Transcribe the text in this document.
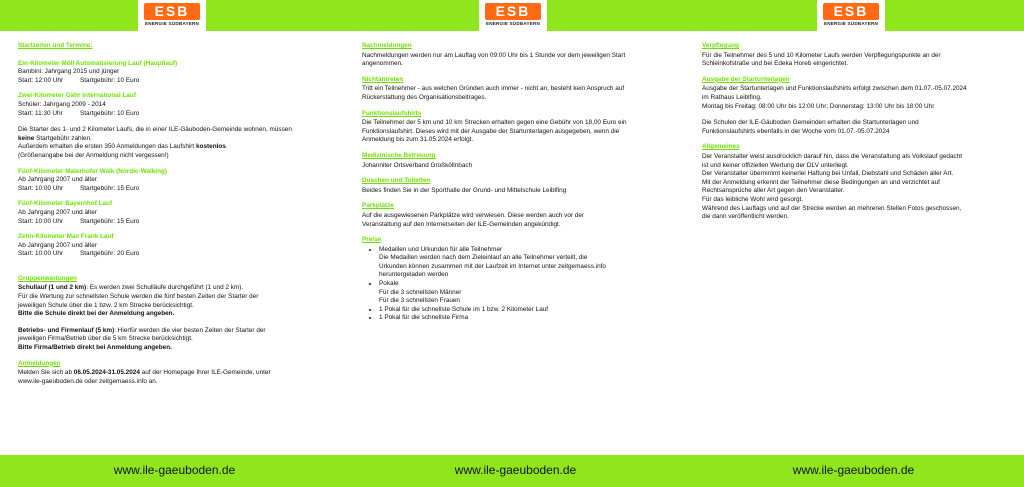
ESB
ENERGIE SÜDBAYERN
ESB
ENERGIE SÜDBAYERN
ESB
ENERGIE SÜDBAYERN
Startzeiten und Termine:
Ein-Kilometer Möll Automatisierung Lauf (Hauptlauf)
Bambini: Jahrgang 2015 und jünger
Start: 12:00 Uhr	Startgebühr: 10 Euro
Zwei-Kilometer Gähr International Lauf
Schüler: Jahrgang 2009 - 2014
Start: 11:30 Uhr	Startgebühr: 10 Euro
Die Starter des 1- und 2 Kilometer Laufs, die in einer ILE-Gäuboden-Gemeinde wohnen, müssen
keine Startgebühr zahlen.
Außerdem erhalten die ersten 350 Anmeldungen das Laufshirt kostenlos.
(Größenangabe bei der Anmeldung nicht vergessen!)
Fünf-Kilometer Malerhofer Walk (Nordic-Walking)
Ab Jahrgang 2007 und älter
Start: 10:00 Uhr	Startgebühr: 15 Euro
Fünf-Kilometer Bayernhof Lauf
Ab Jahrgang 2007 und älter
Start: 10:00 Uhr	Startgebühr: 15 Euro
Zehn-Kilometer Max Frank Lauf
Ab Jahrgang 2007 und älter
Start: 10:00 Uhr	Startgebühr: 20 Euro
Gruppenwertungen
Schullauf (1 und 2 km): Es werden zwei Schulläufe durchgeführt (1 und 2 km).
Für die Wertung zur schnellsten Schule werden die fünf besten Zeiten der Starter der
jeweiligen Schule über die 1 bzw. 2 km Strecke berücksichtigt.
Bitte die Schule direkt bei der Anmeldung angeben.
Betriebs- und Firmenlauf (5 km): Hierfür werden die vier besten Zeiten der Starter der
jeweiligen Firma/Betrieb über die 5 km Strecke berücksichtigt.
Bitte Firma/Betrieb direkt bei Anmeldung angeben.
Anmeldungen
Melden Sie sich ab 06.05.2024-31.05.2024 auf der Homepage Ihrer ILE-Gemeinde, unter
www.ile-gaeuboden.de oder zeitgemaess.info an.
Nachmeldungen
Nachmeldungen werden nur am Lauftag von 09:00 Uhr bis 1 Stunde vor dem jeweiligen Start
angenommen.
Nichtantreten
Tritt ein Teilnehmer - aus welchen Gründen auch immer - nicht an, besteht kein Anspruch auf
Rückerstattung des Organisationsbeitrages.
Funktionslaufshirts
Die Teilnehmer der 5 km und 10 km Strecken erhalten gegen eine Gebühr von 18,00 Euro ein
Funktionslaufshirt. Dieses wird mit der Ausgabe der Startunterlagen ausgegeben, wenn die
Anmeldung bis zum 31.05.2024 erfolgt.
Medizinische Betreuung
Johanniter Ortsverband Großköllnbach
Duschen und Toiletten
Beides finden Sie in der Sporthalle der Grund- und Mittelschule Leiblfing
Parkplätze
Auf die ausgewiesenen Parkplätze wird verwiesen. Diese werden auch vor der
Veranstaltung auf den Internetseiten der ILE-Gemeinden angekündigt.
Preise
• Medaillen und Urkunden für alle Teilnehmer
Die Medaillen werden nach dem Zieleinlauf an alle Teilnehmer verteilt, die
Urkunden können zusammen mit der Laufzeit im Internet unter zeitgemaess.info
heruntergeladen werden
• Pokale
Für die 3 schnellsten Männer
Für die 3 schnellsten Frauen
• 1 Pokal für die schnellste Schule im 1 bzw. 2 Kilometer Lauf
• 1 Pokal für die schnellste Firma
Verpflegung
Für die Teilnehmer des 5 und 10 Kilometer Laufs werden Verpflegungspunkte an der
Schleinkofstraße und bei Edeka Horeb eingerichtet.
Ausgabe der Startunterlagen
Ausgabe der Startunterlagen und Funktionslaufshirts erfolgt zwischen dem 01.07.-05.07.2024
im Rathaus Leiblfing.
Montag bis Freitag: 08:00 Uhr bis 12:00 Uhr; Donnerstag: 13:00 Uhr bis 18:00 Uhr
Die Schulen der ILE-Gäuboden Gemeinden erhalten die Startunterlagen und
Funktionslaufshirts ebenfalls in der Woche vom 01.07.-05.07.2024
Allgemeines
Der Veranstalter weist ausdrücklich darauf hin, dass die Veranstaltung als Volkslauf gedacht
ist und keiner offiziellen Wertung der DLV unterliegt.
Der Veranstalter übernimmt keinerlei Haftung bei Unfall, Diebstahl und Schäden aller Art.
Mit der Anmeldung erkennt der Teilnehmer diese Bedingungen an und verzichtet auf
Rechtsansprüche aller Art gegen den Veranstalter.
Für das leibliche Wohl wird gesorgt.
Während des Lauftags und auf der Strecke werden an mehreren Stellen Fotos geschossen,
die dann veröffentlicht werden.
www.ile-gaeuboden.de	www.ile-gaeuboden.de	www.ile-gaeuboden.de
